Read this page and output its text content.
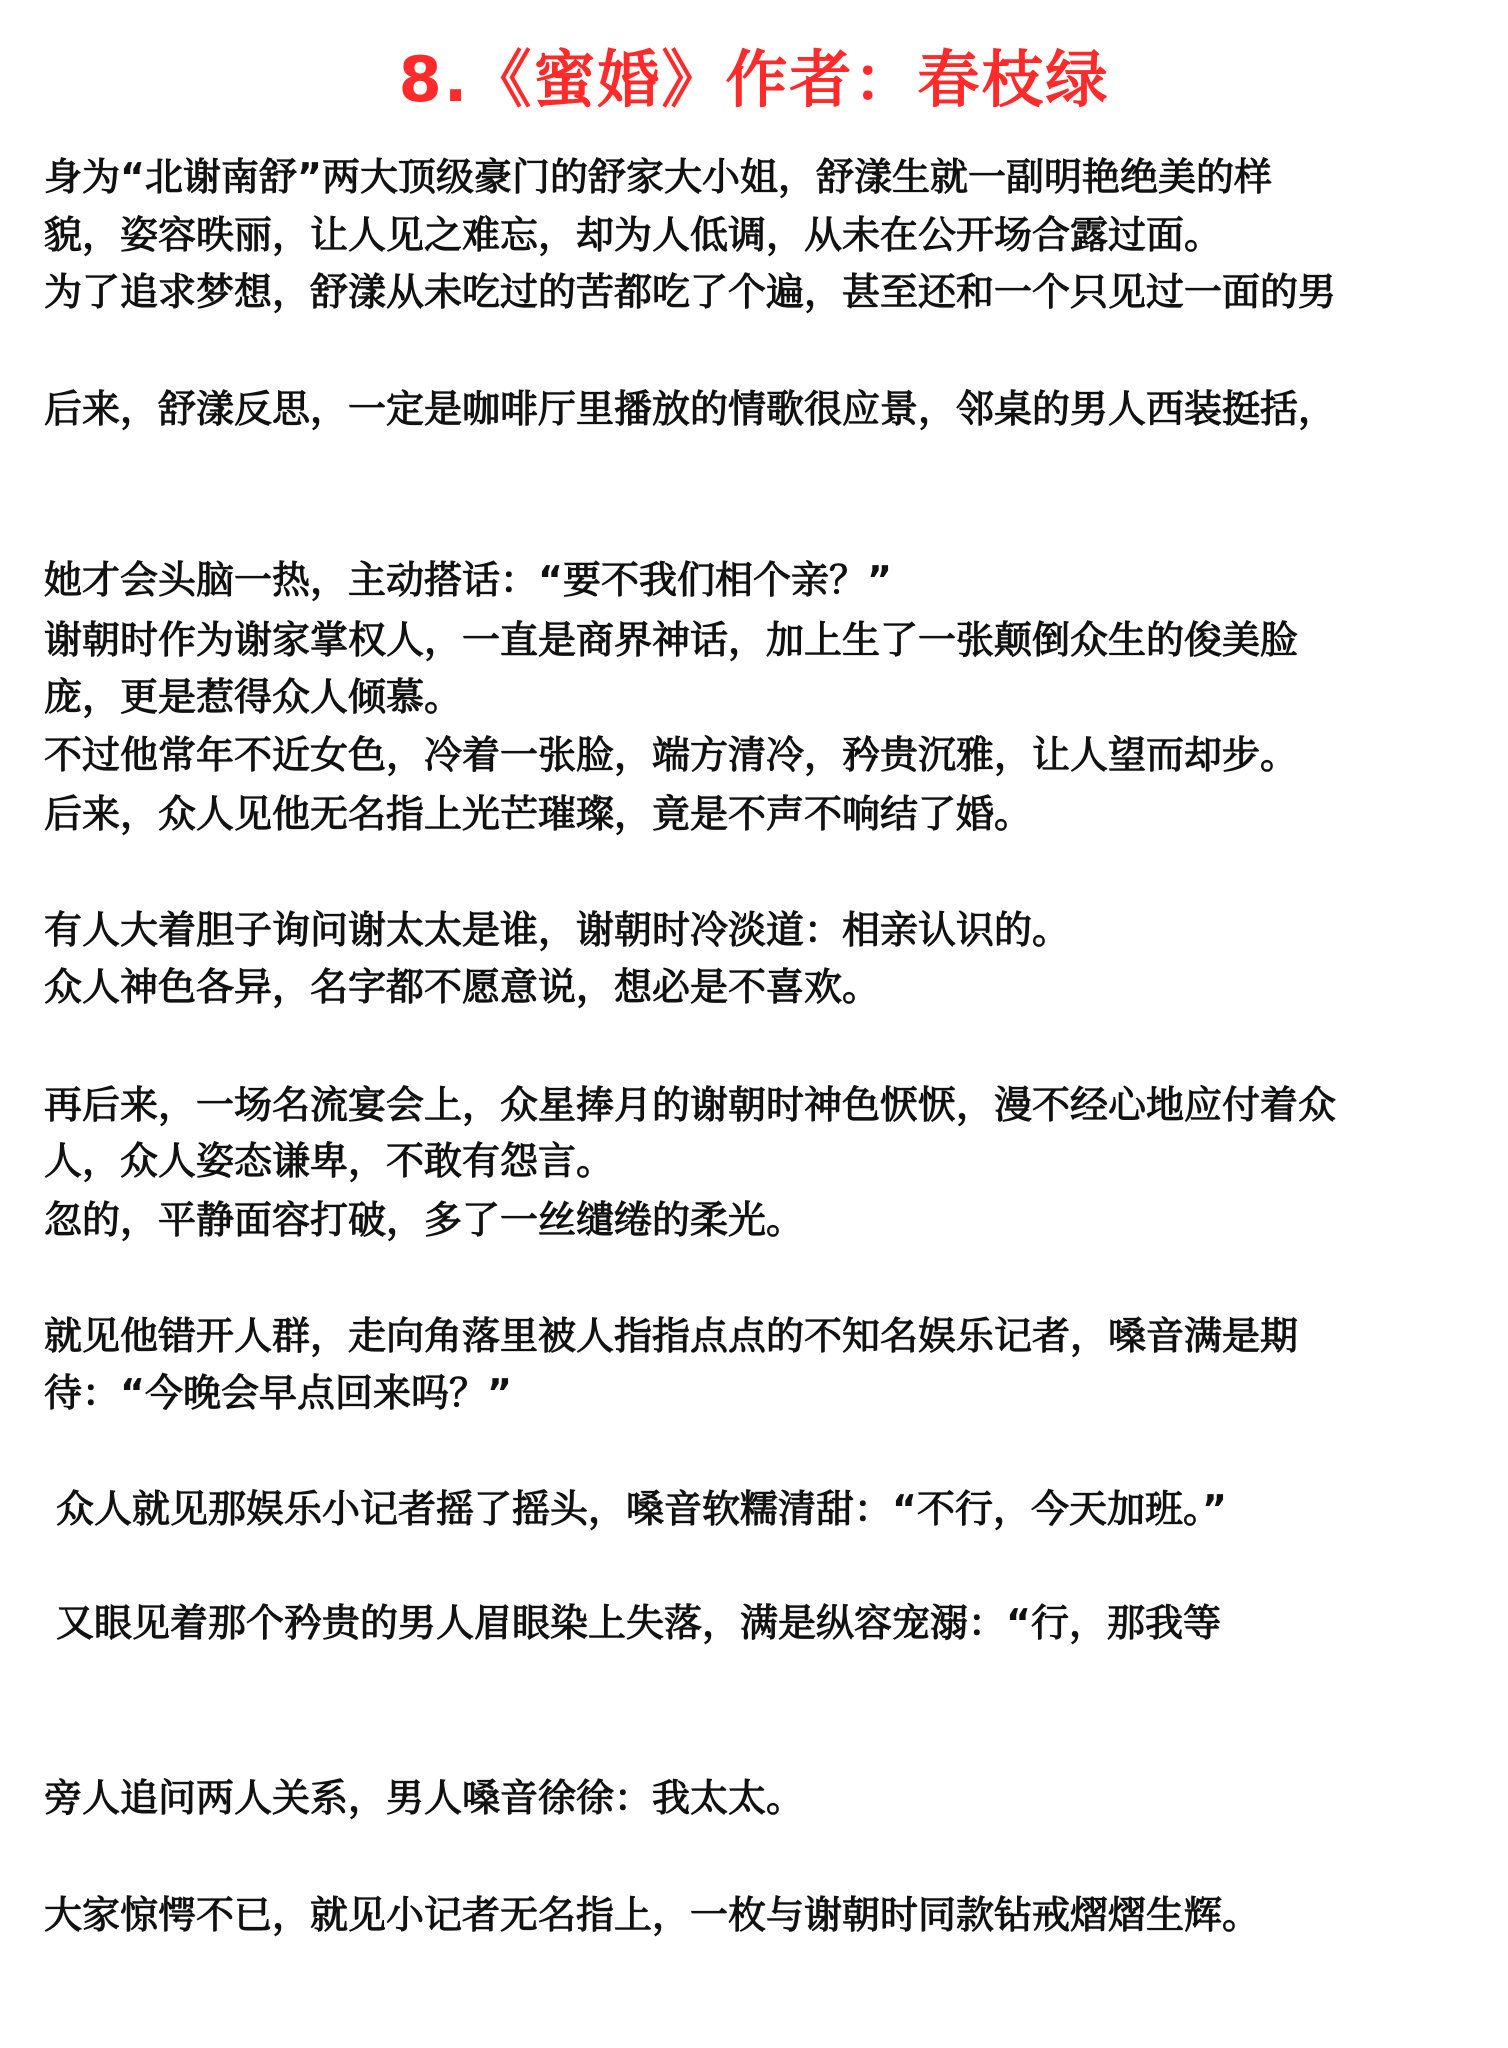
8.《蜜婚》作者：春枝绿
身为“北谢南舒”两大顶级豪门的舒家大小姐，舒漾生就一副明艳绝美的样
貌，姿容昳丽，让人见之难忘，却为人低调，从未在公开场合露过面。
为了追求梦想，舒漾从未吃过的苦都吃了个遍，甚至还和一个只见过一面的男
后来，舒漾反思，一定是咖啡厅里播放的情歌很应景，邻桌的男人西装挺括，
她才会头脑一热，主动搭话：“要不我们相个亲？”
谢朝时作为谢家掌权人，一直是商界神话，加上生了一张颠倒众生的俊美脸
庞，更是惹得众人倾慕。
不过他常年不近女色，冷着一张脸，端方清冷，矜贵沉雅，让人望而却步。
后来，众人见他无名指上光芒璀璨，竟是不声不响结了婚。
有人大着胆子询问谢太太是谁，谢朝时冷淡道：相亲认识的。
众人神色各异，名字都不愿意说，想必是不喜欢。
再后来，一场名流宴会上，众星捧月的谢朝时神色恹恹，漫不经心地应付着众
人，众人姿态谦卑，不敢有怨言。
忽的，平静面容打破，多了一丝缱绻的柔光。
就见他错开人群，走向角落里被人指指点点的不知名娱乐记者，嗓音满是期
待：“今晚会早点回来吗？”
众人就见那娱乐小记者摇了摇头，嗓音软糯清甜：“不行，今天加班。”
又眼见着那个矜贵的男人眉眼染上失落，满是纵容宠溺：“行，那我等
旁人追问两人关系，男人嗓音徐徐：我太太。
大家惊愕不已，就见小记者无名指上，一枚与谢朝时同款钻戒熠熠生辉。
